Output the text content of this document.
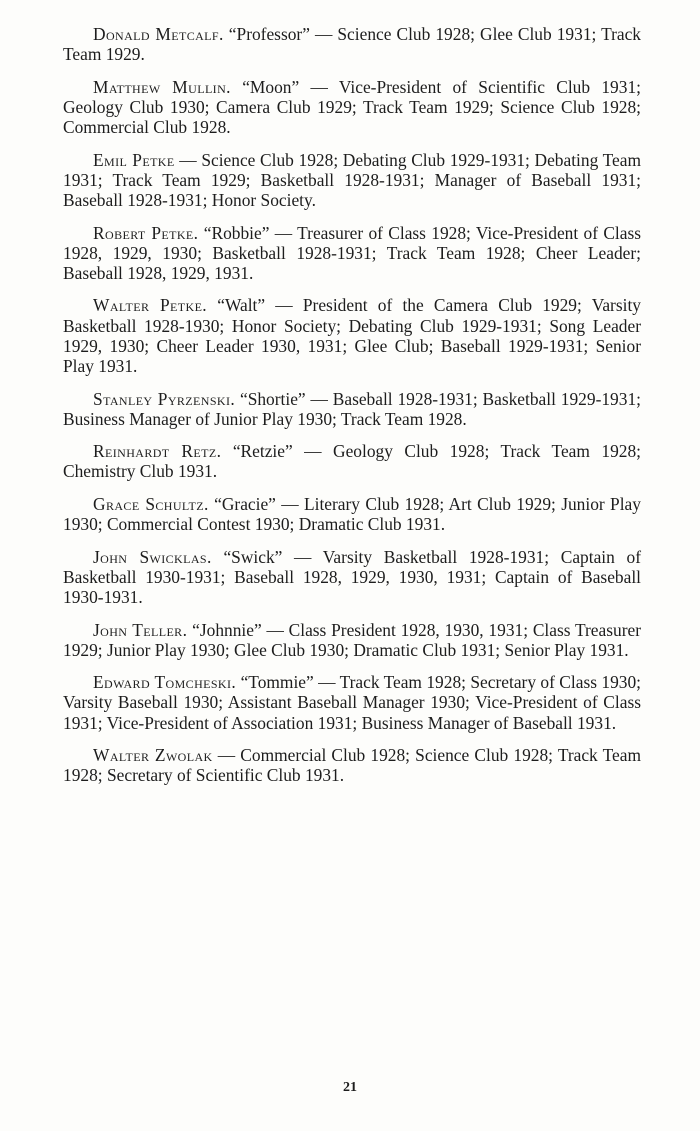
Donald Metcalf. “Professor” — Science Club 1928; Glee Club 1931; Track Team 1929.

Matthew Mullin. “Moon” — Vice-President of Scientific Club 1931; Geology Club 1930; Camera Club 1929; Track Team 1929; Science Club 1928; Commercial Club 1928.

Emil Petke — Science Club 1928; Debating Club 1929-1931; Debating Team 1931; Track Team 1929; Basketball 1928-1931; Manager of Baseball 1931; Baseball 1928-1931; Honor Society.

Robert Petke. “Robbie” — Treasurer of Class 1928; Vice-President of Class 1928, 1929, 1930; Basketball 1928-1931; Track Team 1928; Cheer Leader; Baseball 1928, 1929, 1931.

Walter Petke. “Walt” — President of the Camera Club 1929; Varsity Basketball 1928-1930; Honor Society; Debating Club 1929-1931; Song Leader 1929, 1930; Cheer Leader 1930, 1931; Glee Club; Baseball 1929-1931; Senior Play 1931.

Stanley Pyrzenski. “Shortie” — Baseball 1928-1931; Basketball 1929-1931; Business Manager of Junior Play 1930; Track Team 1928.

Reinhardt Retz. “Retzie” — Geology Club 1928; Track Team 1928; Chemistry Club 1931.

Grace Schultz. “Gracie” — Literary Club 1928; Art Club 1929; Junior Play 1930; Commercial Contest 1930; Dramatic Club 1931.

John Swicklas. “Swick” — Varsity Basketball 1928-1931; Captain of Basketball 1930-1931; Baseball 1928, 1929, 1930, 1931; Captain of Baseball 1930-1931.

John Teller. “Johnnie” — Class President 1928, 1930, 1931; Class Treasurer 1929; Junior Play 1930; Glee Club 1930; Dramatic Club 1931; Senior Play 1931.

Edward Tomcheski. “Tommie” — Track Team 1928; Secretary of Class 1930; Varsity Baseball 1930; Assistant Baseball Manager 1930; Vice-President of Class 1931; Vice-President of Association 1931; Business Manager of Baseball 1931.

Walter Zwolak — Commercial Club 1928; Science Club 1928; Track Team 1928; Secretary of Scientific Club 1931.

21
